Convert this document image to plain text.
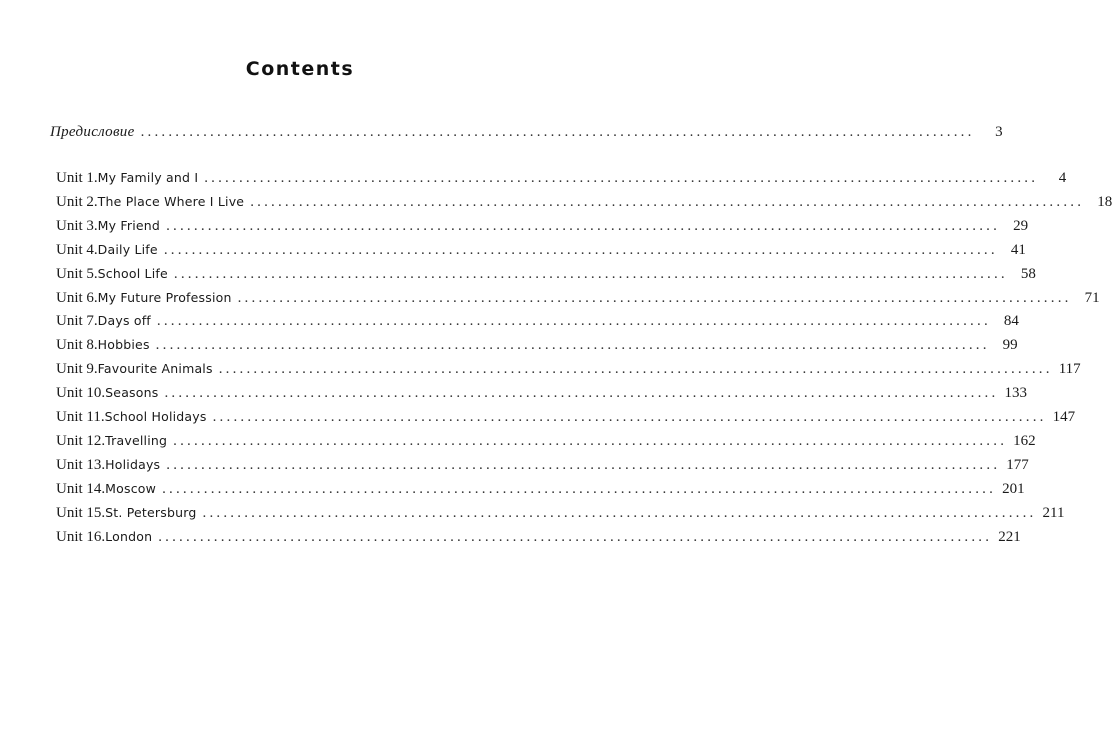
Contents
Предисловие ........................................................................................................................	3
Unit 1. My Family and I ........................................................................................................................	4
Unit 2. The Place Where I Live ........................................................................................................................ 18
Unit 3. My Friend ........................................................................................................................ 29
Unit 4. Daily Life ........................................................................................................................ 41
Unit 5. School Life ........................................................................................................................ 58
Unit 6. My Future Profession ........................................................................................................................ 71
Unit 7. Days off ........................................................................................................................ 84
Unit 8. Hobbies ........................................................................................................................ 99
Unit 9. Favourite Animals ........................................................................................................................ 117
Unit 10. Seasons ........................................................................................................................ 133
Unit 11. School Holidays ........................................................................................................................ 147
Unit 12. Travelling ........................................................................................................................ 162
Unit 13. Holidays ........................................................................................................................ 177
Unit 14. Moscow ........................................................................................................................ 201
Unit 15. St. Petersburg ........................................................................................................................ 211
Unit 16. London ........................................................................................................................ 221
